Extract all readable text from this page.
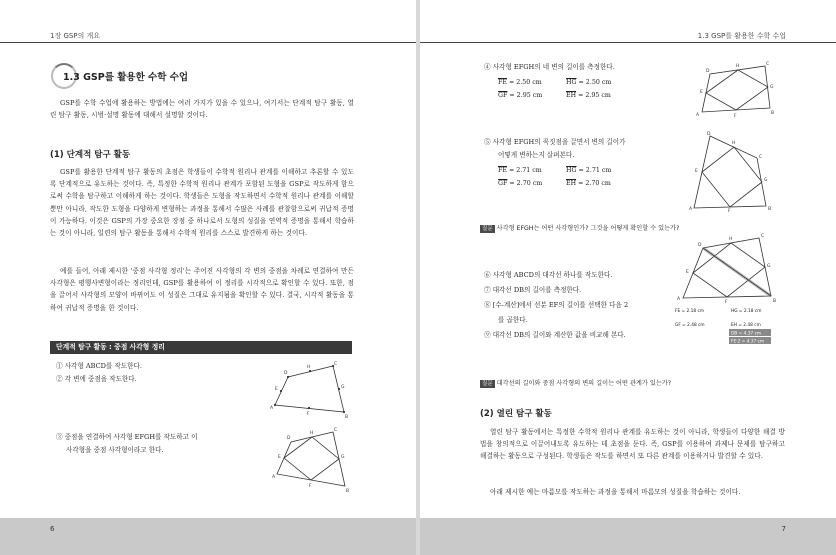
1장 GSP의 개요
1.3 GSP를 활용한 수학 수업
GSP를 수학 수업에 활용하는 방법에는 여러 가지가 있을 수 있으나, 여기서는 단계적 탐구 활동, 열린 탐구 활동, 시범·설명 활동에 대해서 설명할 것이다.
(1) 단계적 탐구 활동
GSP를 활용한 단계적 탐구 활동의 초점은 학생들이 수학적 원리나 관계를 이해하고 추론할 수 있도록 단계적으로 유도하는 것이다. 즉, 특정한 수학적 원리나 관계가 포함된 도형을 GSP로 작도하게 함으로써 수학을 탐구하고 이해하게 하는 것이다. 학생들은 도형을 작도하면서 수학적 원리나 관계를 이해할 뿐만 아니라, 작도한 도형을 다양하게 변형하는 과정을 통해서 수많은 사례를 관찰함으로써 귀납적 증명이 가능하다. 이것은 GSP의 가장 중요한 장점 중 하나로서 도형의 성질을 연역적 증명을 통해서 학습하는 것이 아니라, 일련의 탐구 활동을 통해서 수학적 원리를 스스로 발견하게 하는 것이다.
예를 들어, 아래 제시한 '중점 사각형 정리'는 주어진 사각형의 각 변의 중점을 차례로 연결하여 만든 사각형은 평행사변형이라는 정리인데, GSP를 활용하여 이 정리를 시각적으로 확인할 수 있다. 또한, 점을 끌어서 사각형의 모양이 바뀌어도 이 성질은 그대로 유지됨을 확인할 수 있다. 결국, 시각적 활동을 통하여 귀납적 증명을 한 것이다.
단계적 탐구 활동 : 중점 사각형 정리
① 사각형 ABCD를 작도한다.
② 각 변에 중점을 작도한다.
③ 중점을 연결하여 사각형 EFGH를 작도하고 이
사각형을 중점 사각형이라고 한다.
A
D
C
B
E
H
G
F
A
D
C
B
E
H
G
F
6
1.3 GSP를 활용한 수학 수업
④ 사각형 EFGH의 네 변의 길이를 측정한다.
$\overline{FE} = 2.50$ cm	$\overline{HG} = 2.50$ cm
$\overline{GF} = 2.95$ cm	$\overline{EH} = 2.95$ cm
A
D
C
B
E
H
G
F
⑤ 사각형 EFGH의 꼭짓점을 끌면서 변의 길이가
어떻게 변하는지 살펴본다.
$\overline{FE} = 2.71$ cm	$\overline{HG} = 2.71$ cm
$\overline{GF} = 2.70$ cm	$\overline{EH} = 2.70$ cm
A
D
C
B
E
H
G
F
질문 사각형 EFGH는 어떤 사각형인가? 그것을 어떻게 확인할 수 있는가?
⑥ 사각형 ABCD의 대각선 하나를 작도한다.
⑦ 대각선 DB의 길이를 측정한다.
⑧ [수-계산]에서 선분 EF의 길이를 선택한 다음 2
를 곱한다.
⑨ 대각선 DB의 길이와 계산한 값을 비교해 본다.
A
D
C
B
E
H
G
F
FE = 2.18 cm	HG = 2.18 cm
GF = 2.48 cm	EH = 2.48 cm
DB = 4.37 cm
FE·2 = 4.37 cm
질문 대각선의 길이와 중점 사각형의 변의 길이는 어떤 관계가 있는가?
(2) 열린 탐구 활동
열린 탐구 활동에서는 특정한 수학적 원리나 관계를 유도하는 것이 아니라, 학생들이 다양한 해결 방법을 창의적으로 이끌어내도록 유도하는 데 초점을 둔다. 즉, GSP를 이용하여 과제나 문제를 탐구하고 해결하는 활동으로 구성된다. 학생들은 작도를 하면서 또 다른 관계를 이용하거나 발견할 수 있다.
아래 제시한 예는 마름모를 작도하는 과정을 통해서 마름모의 성질을 학습하는 것이다.
7
